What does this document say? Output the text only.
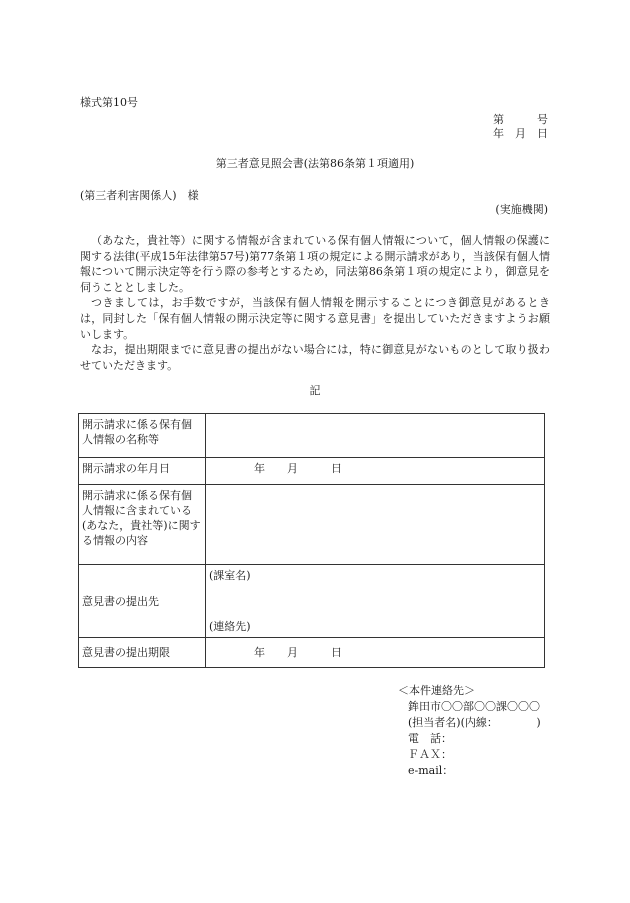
様式第10号
第　　　号
年　月　日
第三者意見照会書(法第86条第１項適用)
(第三者利害関係人)　様
(実施機関)

（あなた，貴社等）に関する情報が含まれている保有個人情報について，個人情報の保護に関する法律(平成15年法律第57号)第77条第１項の規定による開示請求があり，当該保有個人情報について開示決定等を行う際の参考とするため，同法第86条第１項の規定により，御意見を伺うこととしました。

つきましては，お手数ですが，当該保有個人情報を開示することにつき御意見があるときは，同封した「保有個人情報の開示決定等に関する意見書」を提出していただきますようお願いします。

なお，提出期限までに意見書の提出がない場合には，特に御意見がないものとして取り扱わせていただきます。

記
開示請求に係る保有個人情報の名称等	
開示請求の年月日	年　　月　　　日

開示請求に係る保有個人情報に含まれている(あなた，貴社等)に関する情報の内容	
意見書の提出先	(課室名)
(連絡先)

意見書の提出期限	年　　月　　　日
＜本件連絡先＞
鉾田市〇〇部〇〇課〇〇〇
(担当者名)(内線：　　　　)
電　話：
ＦＡＸ：
e-mail：
